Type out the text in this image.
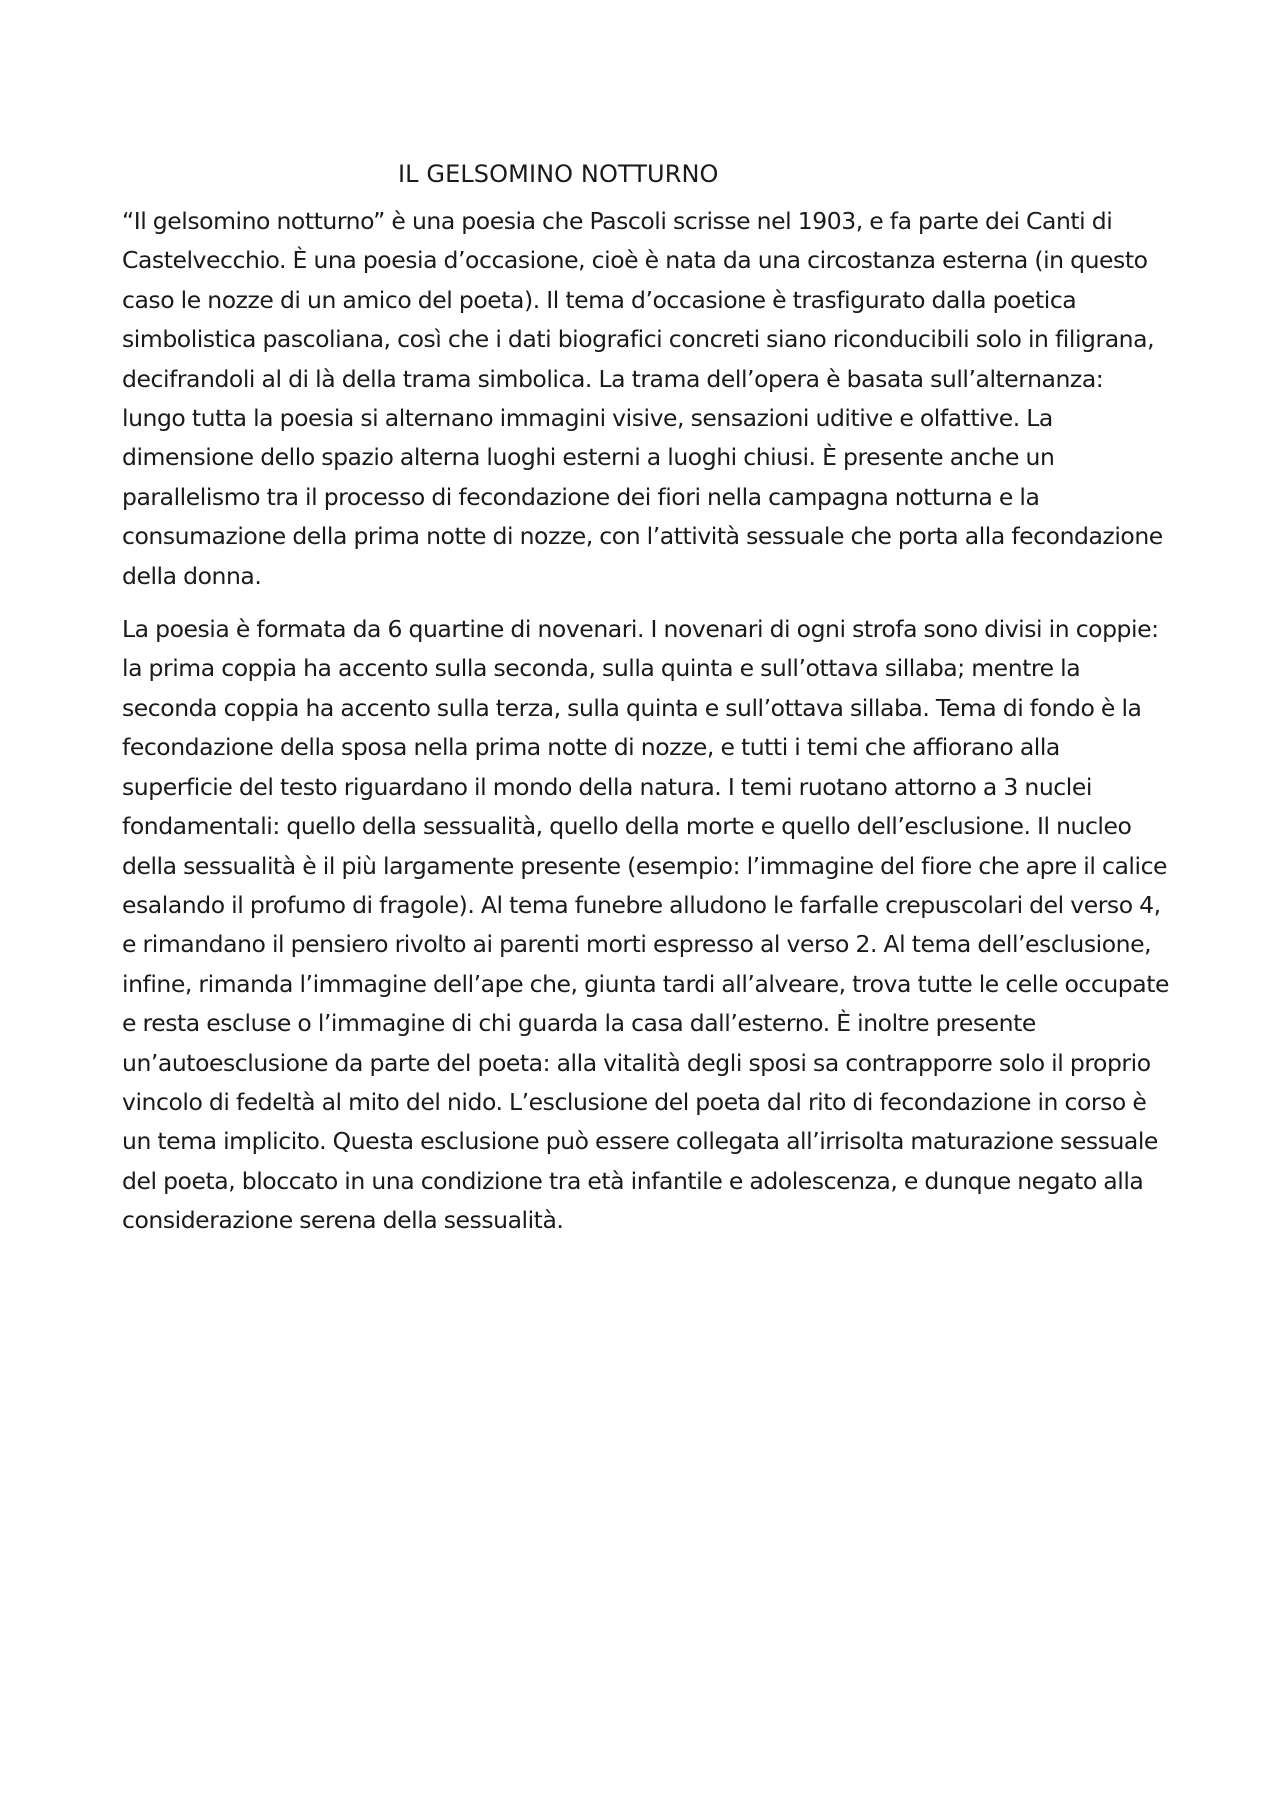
IL GELSOMINO NOTTURNO

“Il gelsomino notturno” è una poesia che Pascoli scrisse nel 1903, e fa parte dei Canti di Castelvecchio. È una poesia d’occasione, cioè è nata da una circostanza esterna (in questo caso le nozze di un amico del poeta). Il tema d’occasione è trasfigurato dalla poetica simbolistica pascoliana, così che i dati biografici concreti siano riconducibili solo in filigrana, decifrandoli al di là della trama simbolica. La trama dell’opera è basata sull’alternanza: lungo tutta la poesia si alternano immagini visive, sensazioni uditive e olfattive. La dimensione dello spazio alterna luoghi esterni a luoghi chiusi. È presente anche un parallelismo tra il processo di fecondazione dei fiori nella campagna notturna e la consumazione della prima notte di nozze, con l’attività sessuale che porta alla fecondazione della donna.

La poesia è formata da 6 quartine di novenari. I novenari di ogni strofa sono divisi in coppie: la prima coppia ha accento sulla seconda, sulla quinta e sull’ottava sillaba; mentre la seconda coppia ha accento sulla terza, sulla quinta e sull’ottava sillaba. Tema di fondo è la fecondazione della sposa nella prima notte di nozze, e tutti i temi che affiorano alla superficie del testo riguardano il mondo della natura. I temi ruotano attorno a 3 nuclei fondamentali: quello della sessualità, quello della morte e quello dell’esclusione. Il nucleo della sessualità è il più largamente presente (esempio: l’immagine del fiore che apre il calice esalando il profumo di fragole). Al tema funebre alludono le farfalle crepuscolari del verso 4, e rimandano il pensiero rivolto ai parenti morti espresso al verso 2. Al tema dell’esclusione, infine, rimanda l’immagine dell’ape che, giunta tardi all’alveare, trova tutte le celle occupate e resta escluse o l’immagine di chi guarda la casa dall’esterno. È inoltre presente un’autoesclusione da parte del poeta: alla vitalità degli sposi sa contrapporre solo il proprio vincolo di fedeltà al mito del nido. L’esclusione del poeta dal rito di fecondazione in corso è un tema implicito. Questa esclusione può essere collegata all’irrisolta maturazione sessuale del poeta, bloccato in una condizione tra età infantile e adolescenza, e dunque negato alla considerazione serena della sessualità.
